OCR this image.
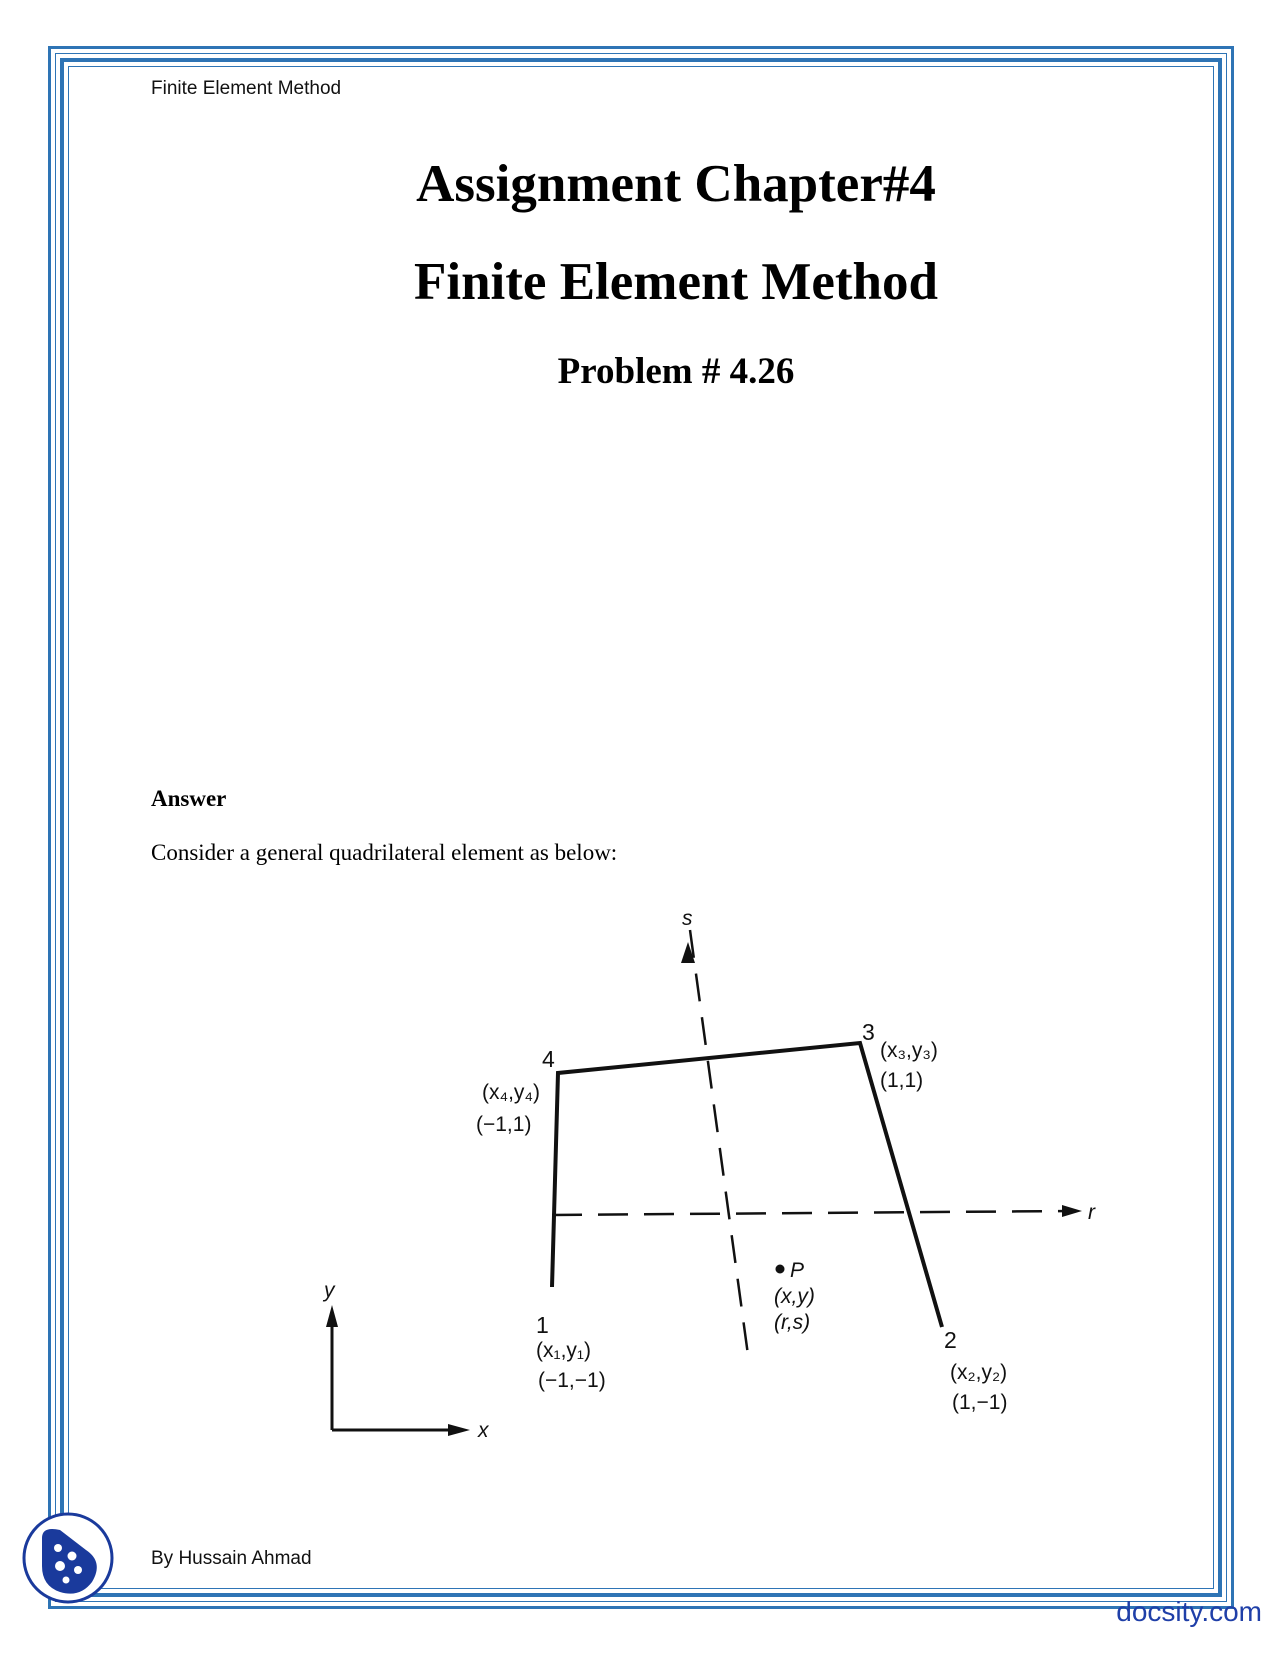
Finite Element Method
Assignment Chapter#4
Finite Element Method
Problem # 4.26
Answer
Consider a general quadrilateral element as below:
s
r
y
x
4
(x₄,y₄)
(−1,1)
3
(x₃,y₃)
(1,1)
1
(x₁,y₁)
(−1,−1)
2
(x₂,y₂)
(1,−1)
P
(x,y)
(r,s)
By Hussain Ahmad
docsity.com
